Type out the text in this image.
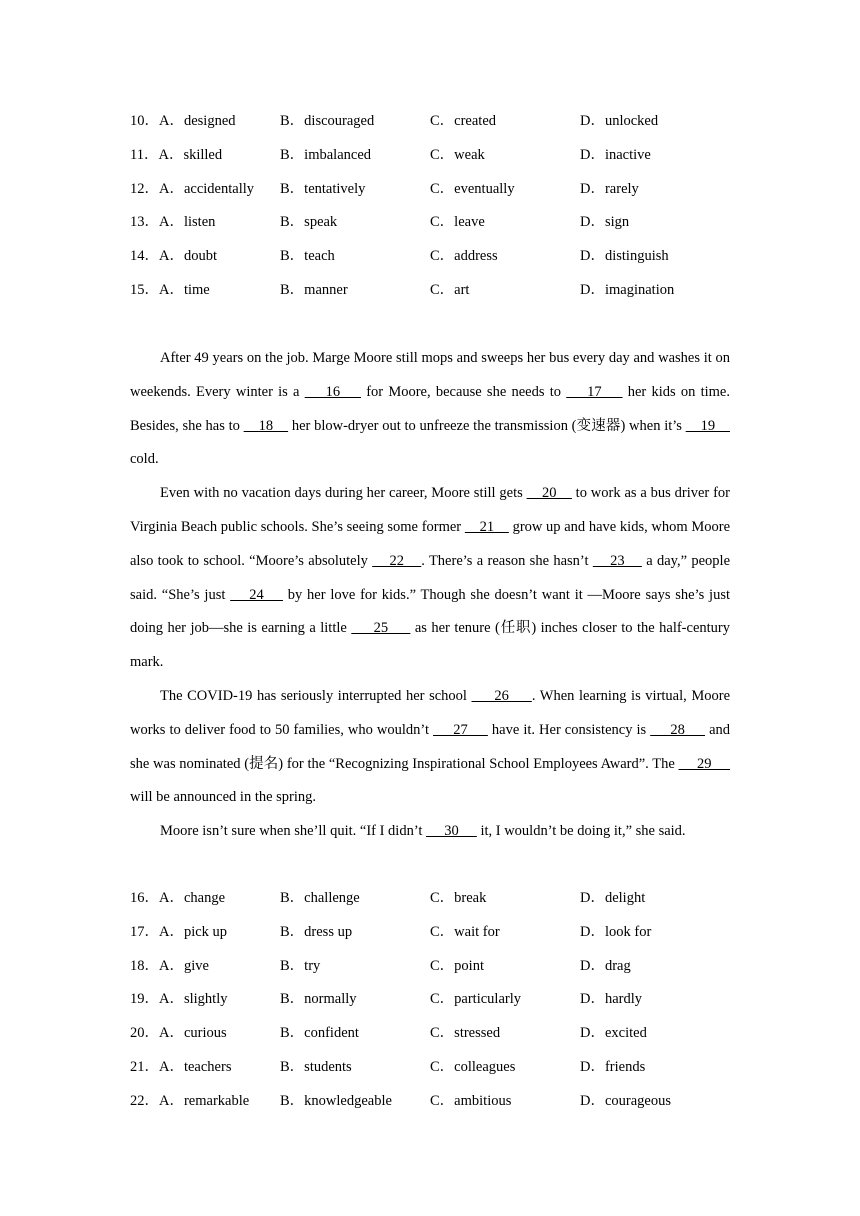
10．A．designed	B．discouraged	C．created	D．unlocked
11．A．skilled	B．imbalanced	C．weak	D．inactive
12．A．accidentally B．tentatively	C．eventually	D．rarely
13．A．listen	B．speak	C．leave	D．sign
14．A．doubt	B．teach	C．address	D．distinguish
15．A．time	B．manner	C．art	D．imagination

After 49 years on the job. Marge Moore still mops and sweeps her bus every day and washes it on weekends. Every winter is a     16     for Moore, because she needs to     17     her kids on time. Besides, she has to     18     her blow-dryer out to unfreeze the transmission (变速器) when it’s     19     cold.

Even with no vacation days during her career, Moore still gets     20     to work as a bus driver for Virginia Beach public schools. She’s seeing some former     21     grow up and have kids, whom Moore also took to school. “Moore’s absolutely     22    . There’s a reason she hasn’t     23     a day,” people said. “She’s just     24     by her love for kids.” Though she doesn’t want it —Moore says she’s just doing her job—she is earning a little      25      as her tenure (任职) inches closer to the half-century mark.

The COVID-19 has seriously interrupted her school      26     . When learning is virtual, Moore works to deliver food to 50 families, who wouldn’t      27      have it. Her consistency is      28      and she was nominated (提名) for the “Recognizing Inspirational School Employees Award”. The      29      will be announced in the spring.

Moore isn’t sure when she’ll quit. “If I didn’t      30      it, I wouldn’t be doing it,” she said.

16．A．change	B．challenge	C．break	D．delight
17．A．pick up	B．dress up	C．wait for	D．look for
18．A．give	B．try	C．point	D．drag
19．A．slightly	B．normally	C．particularly	D．hardly
20．A．curious	B．confident	C．stressed	D．excited
21．A．teachers	B．students	C．colleagues	D．friends
22．A．remarkable B．knowledgeable	C．ambitious	D．courageous
